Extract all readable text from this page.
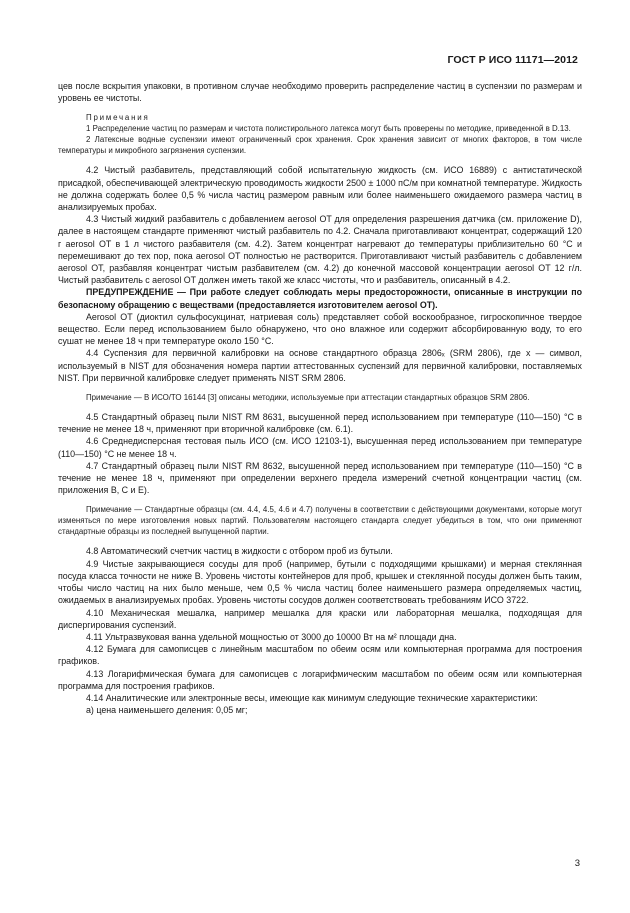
ГОСТ Р ИСО 11171—2012

цев после вскрытия упаковки, в противном случае необходимо проверить распределение частиц в суспензии по размерам и уровень ее чистоты.

Примечания

1 Распределение частиц по размерам и чистота полистирольного латекса могут быть проверены по методике, приведенной в D.13.

2 Латексные водные суспензии имеют ограниченный срок хранения. Срок хранения зависит от многих факторов, в том числе температуры и микробного загрязнения суспензии.

4.2 Чистый разбавитель, представляющий собой испытательную жидкость (см. ИСО 16889) с антистатической присадкой, обеспечивающей электрическую проводимость жидкости 2500 ± 1000 пС/м при комнатной температуре. Жидкость не должна содержать более 0,5 % числа частиц размером равным или более наименьшего ожидаемого размера частиц в анализируемых пробах.

4.3 Чистый жидкий разбавитель с добавлением aerosol OT для определения разрешения датчика (см. приложение D), далее в настоящем стандарте применяют чистый разбавитель по 4.2. Сначала приготавливают концентрат, содержащий 120 г aerosol OT в 1 л чистого разбавителя (см. 4.2). Затем концентрат нагревают до температуры приблизительно 60 °С и перемешивают до тех пор, пока aerosol OT полностью не растворится. Приготавливают чистый разбавитель с добавлением aerosol OT, разбавляя концентрат чистым разбавителем (см. 4.2) до конечной массовой концентрации aerosol OT 12 г/л. Чистый разбавитель с aerosol OT должен иметь такой же класс чистоты, что и разбавитель, описанный в 4.2.

ПРЕДУПРЕЖДЕНИЕ — При работе следует соблюдать меры предосторожности, описанные в инструкции по безопасному обращению с веществами (предоставляется изготовителем aerosol OT).

Aerosol OT (диоктил сульфосукцинат, натриевая соль) представляет собой воскообразное, гигроскопичное твердое вещество. Если перед использованием было обнаружено, что оно влажное или содержит абсорбированную воду, то его сушат не менее 18 ч при температуре около 150 °С.

4.4 Суспензия для первичной калибровки на основе стандартного образца 2806ₓ (SRM 2806), где х — символ, используемый в NIST для обозначения номера партии аттестованных суспензий для первичной калибровки, поставляемых NIST. При первичной калибровке следует применять NIST SRM 2806.

Примечание — В ИСО/ТО 16144 [3] описаны методики, используемые при аттестации стандартных образцов SRM 2806.

4.5 Стандартный образец пыли NIST RM 8631, высушенной перед использованием при температуре (110—150) °С в течение не менее 18 ч, применяют при вторичной калибровке (см. 6.1).

4.6 Среднедисперсная тестовая пыль ИСО (см. ИСО 12103-1), высушенная перед использованием при температуре (110—150) °С не менее 18 ч.

4.7 Стандартный образец пыли NIST RM 8632, высушенной перед использованием при температуре (110—150) °С в течение не менее 18 ч, применяют при определении верхнего предела измерений счетной концентрации частиц (см. приложения В, С и Е).

Примечание — Стандартные образцы (см. 4.4, 4.5, 4.6 и 4.7) получены в соответствии с действующими документами, которые могут изменяться по мере изготовления новых партий. Пользователям настоящего стандарта следует убедиться в том, что они применяют стандартные образцы из последней выпущенной партии.

4.8 Автоматический счетчик частиц в жидкости с отбором проб из бутыли.

4.9 Чистые закрывающиеся сосуды для проб (например, бутыли с подходящими крышками) и мерная стеклянная посуда класса точности не ниже В. Уровень чистоты контейнеров для проб, крышек и стеклянной посуды должен быть таким, чтобы число частиц на них было меньше, чем 0,5 % числа частиц более наименьшего размера определяемых частиц, ожидаемых в анализируемых пробах. Уровень чистоты сосудов должен соответствовать требованиям ИСО 3722.

4.10 Механическая мешалка, например мешалка для краски или лабораторная мешалка, подходящая для диспергирования суспензий.

4.11 Ультразвуковая ванна удельной мощностью от 3000 до 10000 Вт на м² площади дна.

4.12 Бумага для самописцев с линейным масштабом по обеим осям или компьютерная программа для построения графиков.

4.13 Логарифмическая бумага для самописцев с логарифмическим масштабом по обеим осям или компьютерная программа для построения графиков.

4.14 Аналитические или электронные весы, имеющие как минимум следующие технические характеристики:

а) цена наименьшего деления: 0,05 мг;

3
